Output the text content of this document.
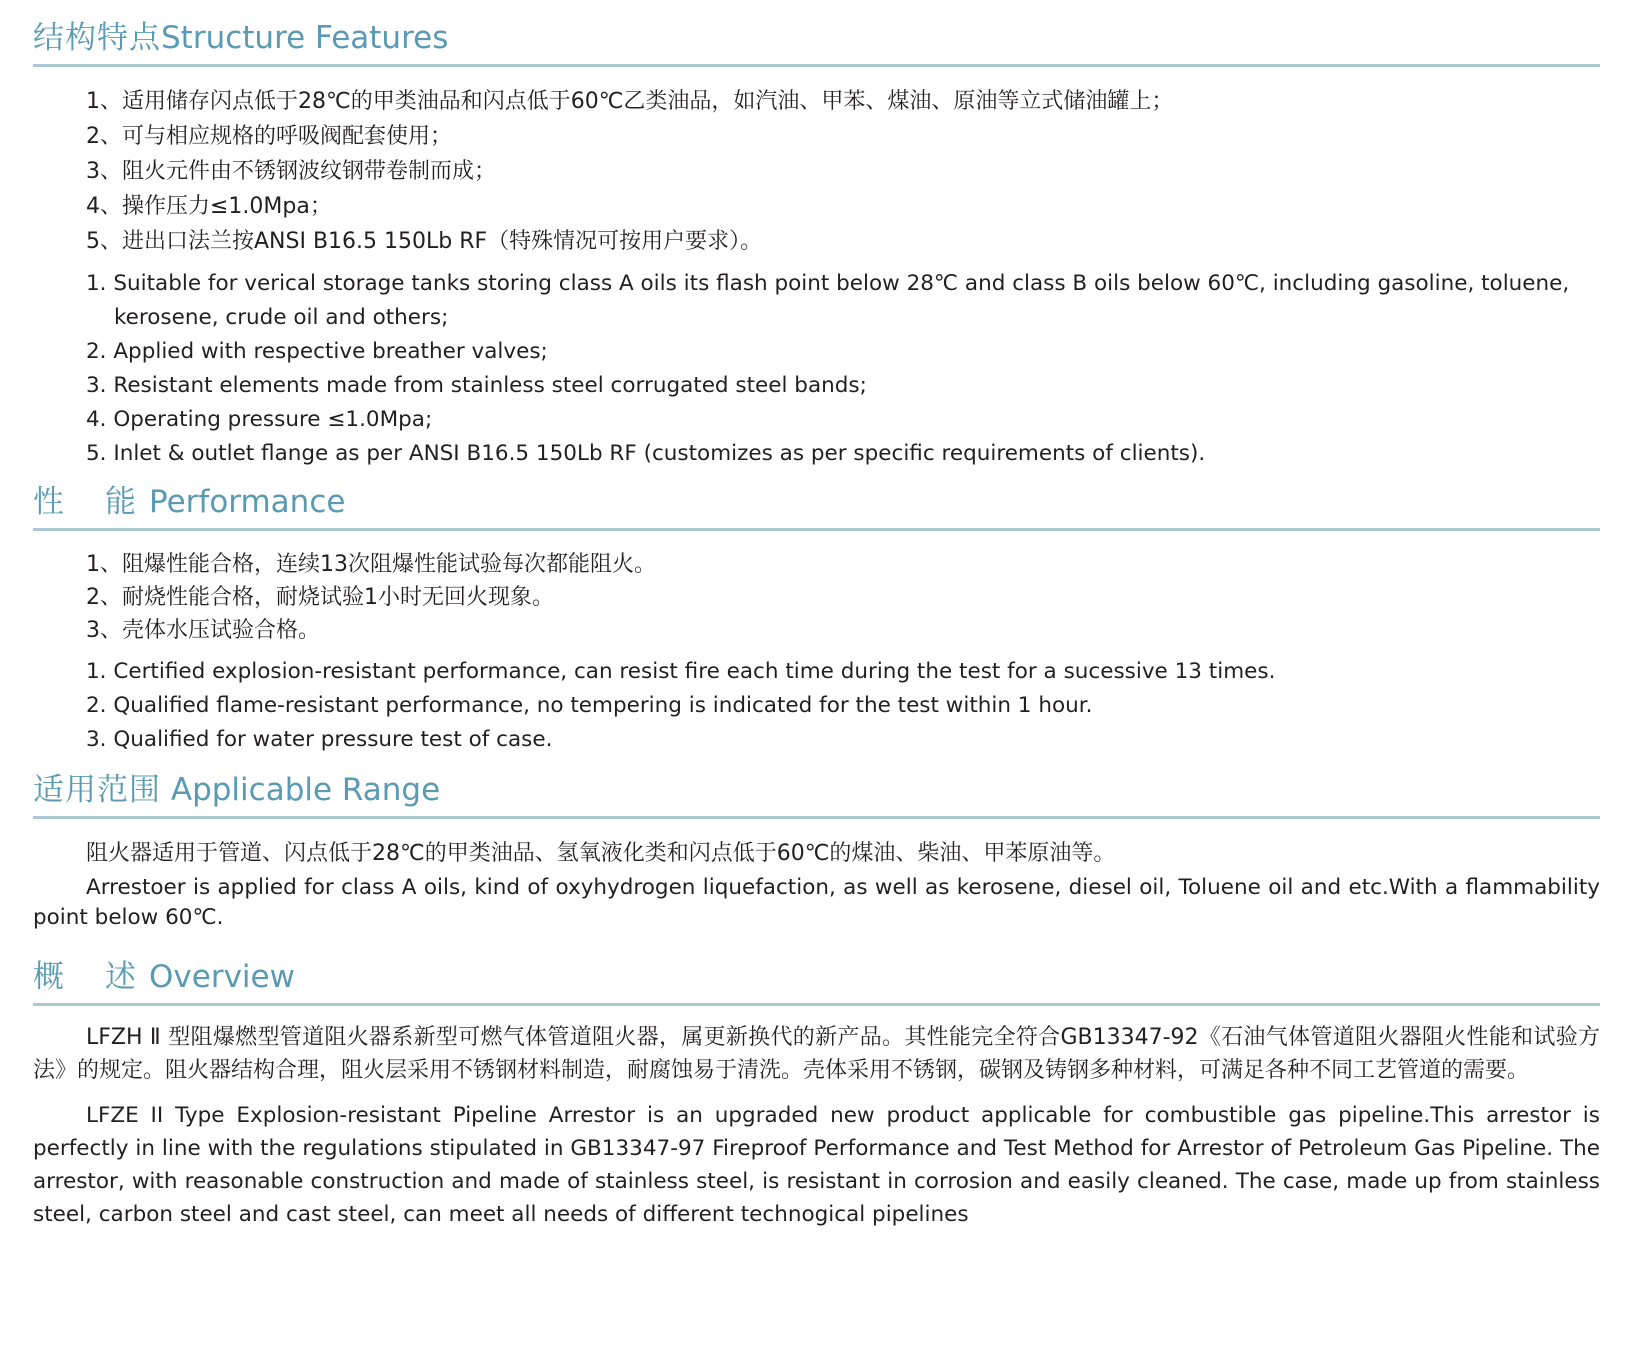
结构特点Structure Features
1、适用储存闪点低于28℃的甲类油品和闪点低于60℃乙类油品，如汽油、甲苯、煤油、原油等立式储油罐上；
2、可与相应规格的呼吸阀配套使用；
3、阻火元件由不锈钢波纹钢带卷制而成；
4、操作压力≤1.0Mpa；
5、进出口法兰按ANSI B16.5 150Lb RF（特殊情况可按用户要求）。
1. Suitable for verical storage tanks storing class A oils its flash point below 28℃ and class B oils below 60℃, including gasoline, toluene, kerosene, crude oil and others;
2. Applied with respective breather valves;
3. Resistant elements made from stainless steel corrugated steel bands;
4. Operating pressure ≤1.0Mpa;
5. Inlet & outlet flange as per ANSI B16.5 150Lb RF (customizes as per specific requirements of clients).
性 能 Performance
1、阻爆性能合格，连续13次阻爆性能试验每次都能阻火。
2、耐烧性能合格，耐烧试验1小时无回火现象。
3、壳体水压试验合格。
1. Certified explosion-resistant performance, can resist fire each time during the test for a sucessive 13 times.
2. Qualified flame-resistant performance, no tempering is indicated for the test within 1 hour.
3. Qualified for water pressure test of case.
适用范围 Applicable Range

阻火器适用于管道、闪点低于28℃的甲类油品、氢氧液化类和闪点低于60℃的煤油、柴油、甲苯原油等。

Arrestoer is applied for class A oils, kind of oxyhydrogen liquefaction, as well as kerosene, diesel oil, Toluene oil and etc.With a flammability point below 60℃.

概 述 Overview

LFZH Ⅱ 型阻爆燃型管道阻火器系新型可燃气体管道阻火器，属更新换代的新产品。其性能完全符合GB13347-92《石油气体管道阻火器阻火性能和试验方法》的规定。阻火器结构合理，阻火层采用不锈钢材料制造，耐腐蚀易于清洗。壳体采用不锈钢，碳钢及铸钢多种材料，可满足各种不同工艺管道的需要。

LFZE II Type Explosion-resistant Pipeline Arrestor is an upgraded new product applicable for combustible gas pipeline.This arrestor is perfectly in line with the regulations stipulated in GB13347-97 Fireproof Performance and Test Method for Arrestor of Petroleum Gas Pipeline. The arrestor, with reasonable construction and made of stainless steel, is resistant in corrosion and easily cleaned. The case, made up from stainless steel, carbon steel and cast steel, can meet all needs of different technogical pipelines
